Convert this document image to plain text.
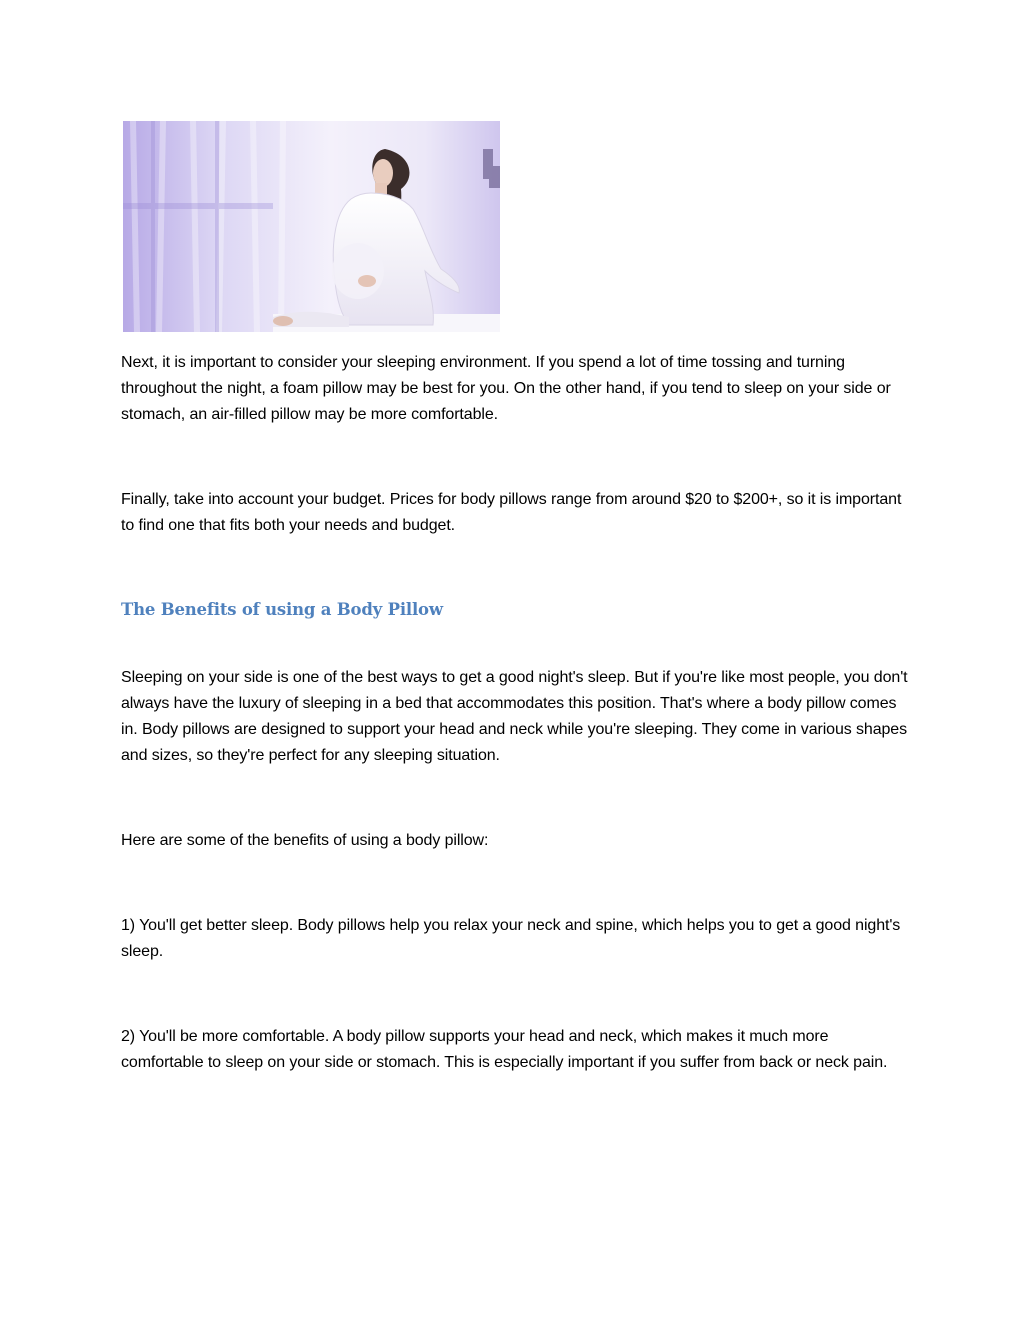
Next, it is important to consider your sleeping environment. If you spend a lot of time tossing and turning throughout the night, a foam pillow may be best for you. On the other hand, if you tend to sleep on your side or stomach, an air-filled pillow may be more comfortable.

Finally, take into account your budget. Prices for body pillows range from around $20 to $200+, so it is important to find one that fits both your needs and budget.

The Benefits of using a Body Pillow

Sleeping on your side is one of the best ways to get a good night's sleep. But if you're like most people, you don't always have the luxury of sleeping in a bed that accommodates this position. That's where a body pillow comes in. Body pillows are designed to support your head and neck while you're sleeping. They come in various shapes and sizes, so they're perfect for any sleeping situation.

Here are some of the benefits of using a body pillow:

1) You'll get better sleep. Body pillows help you relax your neck and spine, which helps you to get a good night's sleep.

2) You'll be more comfortable. A body pillow supports your head and neck, which makes it much more comfortable to sleep on your side or stomach. This is especially important if you suffer from back or neck pain.
